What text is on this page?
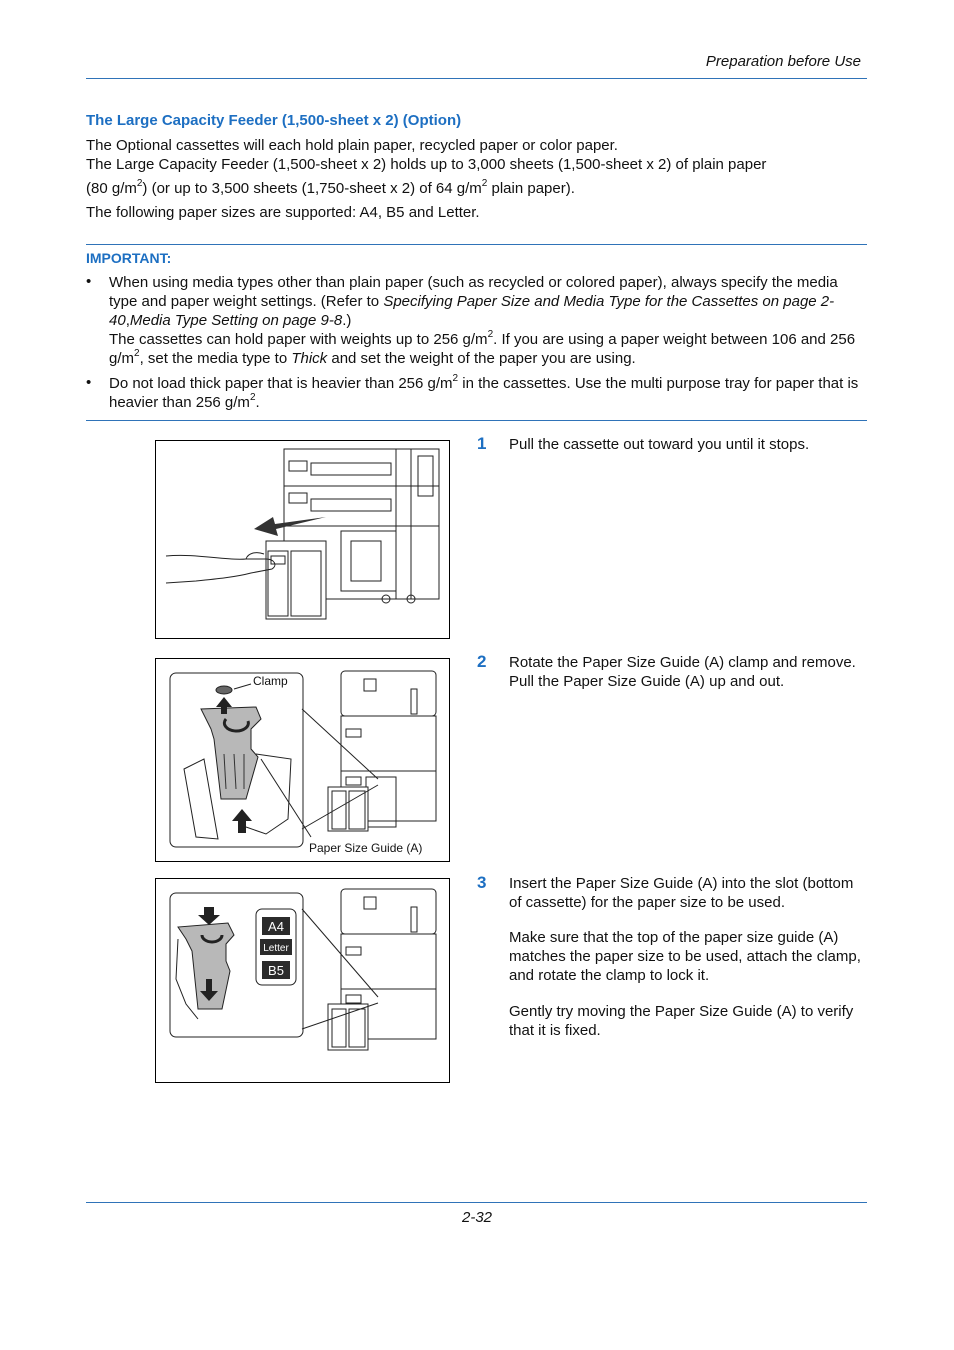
Preparation before Use
The Large Capacity Feeder (1,500-sheet x 2) (Option)
The Optional cassettes will each hold plain paper, recycled paper or color paper.
The Large Capacity Feeder (1,500-sheet x 2) holds up to 3,000 sheets (1,500-sheet x 2) of plain paper
(80 $g/m^2$) (or up to 3,500 sheets (1,750-sheet x 2) of 64 $g/m^2$ plain paper).
The following paper sizes are supported: A4, B5 and Letter.
IMPORTANT:
• When using media types other than plain paper (such as recycled or colored paper), always specify the media type and paper weight settings. (Refer to Specifying Paper Size and Media Type for the Cassettes on page 2-40,Media Type Setting on page 9-8.)
The cassettes can hold paper with weights up to 256 $g/m^2$. If you are using a paper weight between 106 and 256 $g/m^2$, set the media type to Thick and set the weight of the paper you are using.
• Do not load thick paper that is heavier than 256 $g/m^2$ in the cassettes. Use the multi purpose tray for paper that is heavier than 256 $g/m^2$.
Clamp
Paper Size Guide (A)
A4
Letter
B5
1 Pull the cassette out toward you until it stops.
2 Rotate the Paper Size Guide (A) clamp and remove. Pull the Paper Size Guide (A) up and out.
3 Insert the Paper Size Guide (A) into the slot (bottom of cassette) for the paper size to be used.
Make sure that the top of the paper size guide (A) matches the paper size to be used, attach the clamp, and rotate the clamp to lock it.
Gently try moving the Paper Size Guide (A) to verify that it is fixed.
2-32
